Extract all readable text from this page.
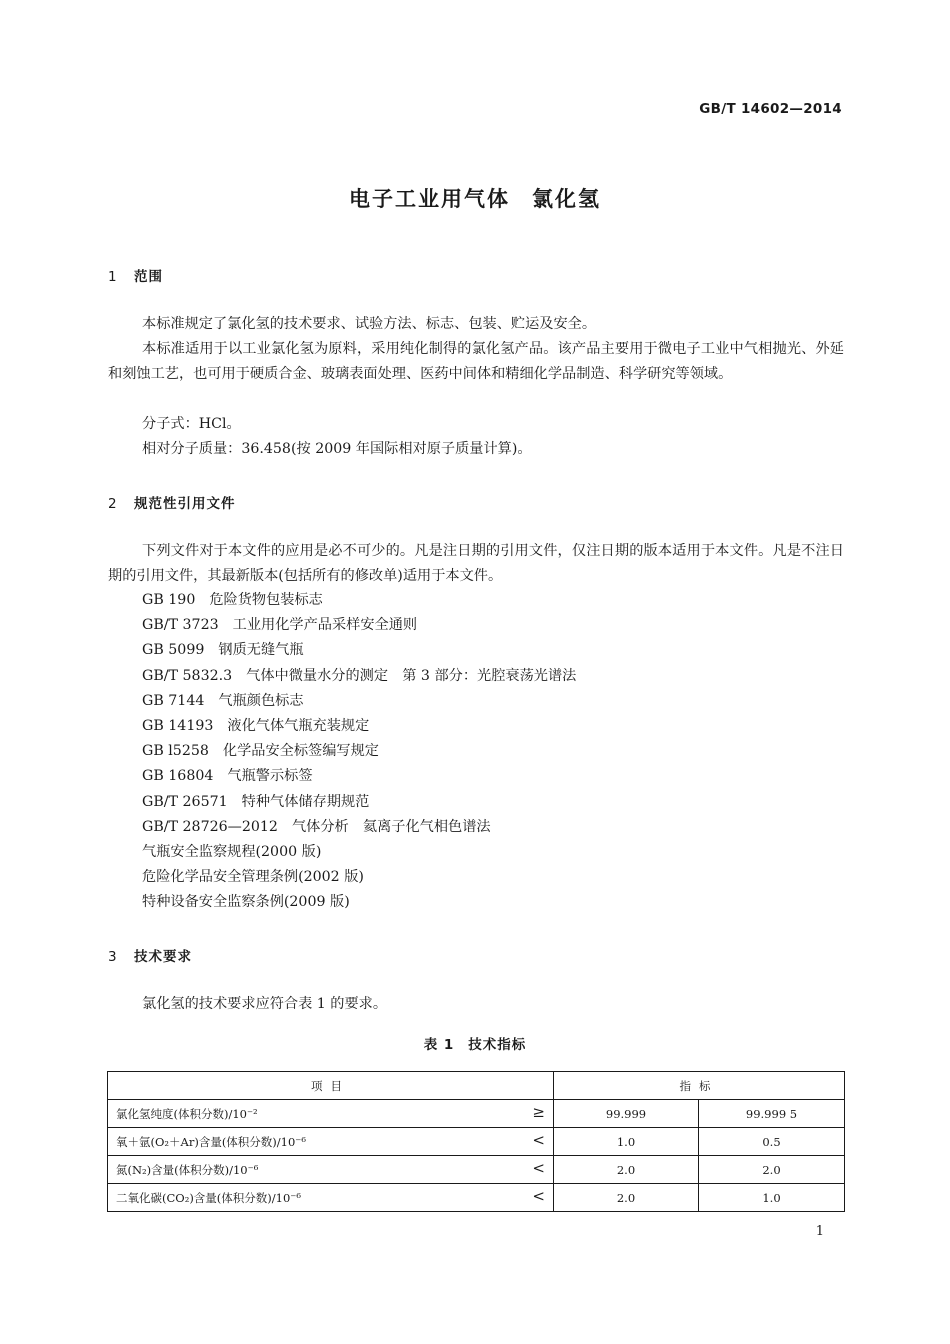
GB/T 14602—2014
电子工业用气体 氯化氢
1 范围

本标准规定了氯化氢的技术要求、试验方法、标志、包装、贮运及安全。

本标准适用于以工业氯化氢为原料，采用纯化制得的氯化氢产品。该产品主要用于微电子工业中气相抛光、外延和刻蚀工艺，也可用于硬质合金、玻璃表面处理、医药中间体和精细化学品制造、科学研究等领域。

分子式：HCl。

相对分子质量：36.458(按 2009 年国际相对原子质量计算)。

2 规范性引用文件

下列文件对于本文件的应用是必不可少的。凡是注日期的引用文件，仅注日期的版本适用于本文件。凡是不注日期的引用文件，其最新版本(包括所有的修改单)适用于本文件。

GB 190 危险货物包装标志
GB/T 3723 工业用化学产品采样安全通则
GB 5099 钢质无缝气瓶
GB/T 5832.3 气体中微量水分的测定　第 3 部分：光腔衰荡光谱法
GB 7144 气瓶颜色标志
GB 14193 液化气体气瓶充装规定
GB l5258 化学品安全标签编写规定
GB 16804 气瓶警示标签
GB/T 26571 特种气体储存期规范
GB/T 28726—2012 气体分析　氦离子化气相色谱法
气瓶安全监察规程(2000 版)
危险化学品安全管理条例(2002 版)
特种设备安全监察条例(2009 版)
3 技术要求

氯化氢的技术要求应符合表 1 的要求。

表 1 技术指标

项目	指标	
氯化氢纯度(体积分数)/10⁻² ≥	99.999	99.999 5
氧＋氩(O₂＋Ar)含量(体积分数)/10⁻⁶ <	1.0	0.5
氮(N₂)含量(体积分数)/10⁻⁶ <	2.0	2.0
二氧化碳(CO₂)含量(体积分数)/10⁻⁶ <	2.0	1.0
1
